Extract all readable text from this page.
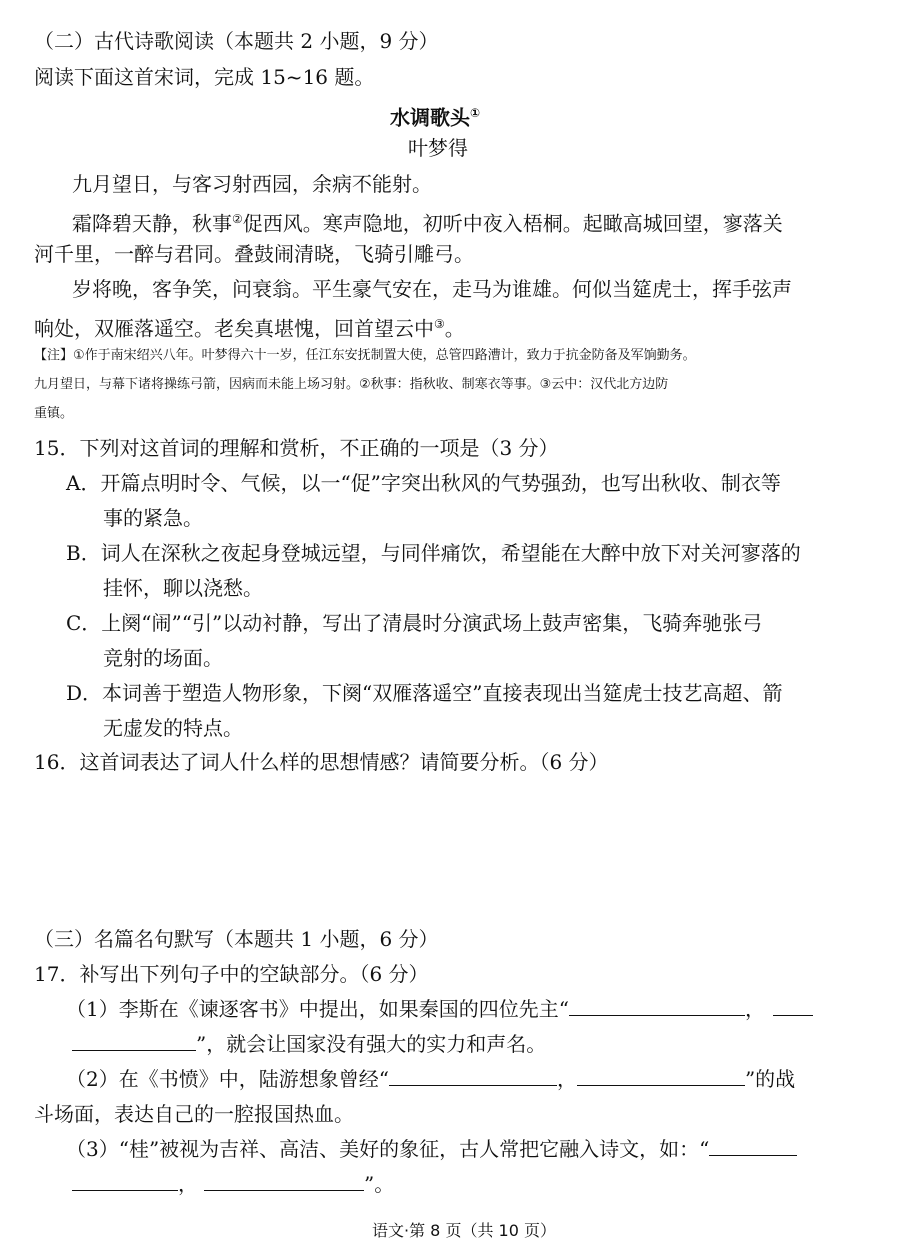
（二）古代诗歌阅读（本题共 2 小题，9 分）
阅读下面这首宋词，完成 15~16 题。
水调歌头①
叶梦得
九月望日，与客习射西园，余病不能射。
霜降碧天静，秋事②促西风。寒声隐地，初听中夜入梧桐。起瞰高城回望，寥落关
河千里，一醉与君同。叠鼓闹清晓，飞骑引雕弓。
岁将晚，客争笑，问衰翁。平生豪气安在，走马为谁雄。何似当筵虎士，挥手弦声
响处，双雁落遥空。老矣真堪愧，回首望云中③。
【注】①作于南宋绍兴八年。叶梦得六十一岁，任江东安抚制置大使，总管四路漕计，致力于抗金防备及军饷勤务。
九月望日，与幕下诸将操练弓箭，因病而未能上场习射。②秋事：指秋收、制寒衣等事。③云中：汉代北方边防
重镇。
15．下列对这首词的理解和赏析，不正确的一项是（3 分）
A．开篇点明时令、气候，以一“促”字突出秋风的气势强劲，也写出秋收、制衣等
事的紧急。
B．词人在深秋之夜起身登城远望，与同伴痛饮，希望能在大醉中放下对关河寥落的
挂怀，聊以浇愁。
C．上阕“闹”“引”以动衬静，写出了清晨时分演武场上鼓声密集，飞骑奔驰张弓
竞射的场面。
D．本词善于塑造人物形象，下阕“双雁落遥空”直接表现出当筵虎士技艺高超、箭
无虚发的特点。
16．这首词表达了词人什么样的思想情感？请简要分析。（6 分）
（三）名篇名句默写（本题共 1 小题，6 分）
17．补写出下列句子中的空缺部分。（6 分）
（1）李斯在《谏逐客书》中提出，如果秦国的四位先主“	，
”，就会让国家没有强大的实力和声名。
（2）在《书愤》中，陆游想象曾经“	，	”的战
斗场面，表达自己的一腔报国热血。
（3）“桂”被视为吉祥、高洁、美好的象征，古人常把它融入诗文，如：“
，	”。
语文·第 8 页（共 10 页）
